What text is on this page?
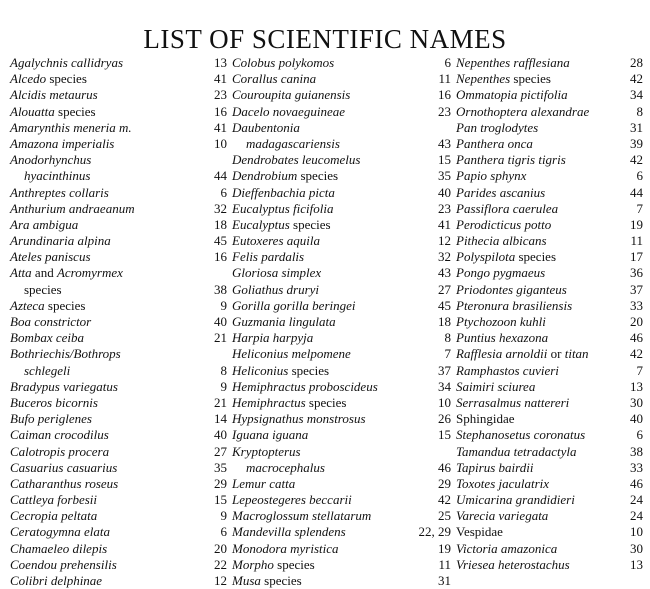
LIST OF SCIENTIFIC NAMES
Agalychnis callidryas	13
Alcedo species	41
Alcidis metaurus	23
Alouatta species	16
Amarynthis meneria m.	41
Amazona imperialis	10
Anodorhynchus
hyacinthinus	44
Anthreptes collaris	6
Anthurium andraeanum	32
Ara ambigua	18
Arundinaria alpina	45
Ateles paniscus	16
Atta and Acromyrmex
species	38
Azteca species	9
Boa constrictor	40
Bombax ceiba	21
Bothriechis/Bothrops
schlegeli	8
Bradypus variegatus	9
Buceros bicornis	21
Bufo periglenes	14
Caiman crocodilus	40
Calotropis procera	27
Casuarius casuarius	35
Catharanthus roseus	29
Cattleya forbesii	15
Cecropia peltata	9
Ceratogymna elata	6
Chamaeleo dilepis	20
Coendou prehensilis	22
Colibri delphinae	12
Colobus polykomos	6
Corallus canina	11
Couroupita guianensis	16
Dacelo novaeguineae	23
Daubentonia
madagascariensis	43
Dendrobates leucomelus	15
Dendrobium species	35
Dieffenbachia picta	40
Eucalyptus ficifolia	23
Eucalyptus species	41
Eutoxeres aquila	12
Felis pardalis	32
Gloriosa simplex	43
Goliathus druryi	27
Gorilla gorilla beringei	45
Guzmania lingulata	18
Harpia harpyja	8
Heliconius melpomene	7
Heliconius species	37
Hemiphractus proboscideus	34
Hemiphractus species	10
Hypsignathus monstrosus	26
Iguana iguana	15
Kryptopterus
macrocephalus	46
Lemur catta	29
Lepeostegeres beccarii	42
Macroglossum stellatarum	25
Mandevilla splendens	22, 29
Monodora myristica	19
Morpho species	11
Musa species	31
Nepenthes rafflesiana	28
Nepenthes species	42
Ommatopia pictifolia	34
Ornothoptera alexandrae	8
Pan troglodytes	31
Panthera onca	39
Panthera tigris tigris	42
Papio sphynx	6
Parides ascanius	44
Passiflora caerulea	7
Perodicticus potto	19
Pithecia albicans	11
Polyspilota species	17
Pongo pygmaeus	36
Priodontes giganteus	37
Pteronura brasiliensis	33
Ptychozoon kuhli	20
Puntius hexazona	46
Rafflesia arnoldii or titan	42
Ramphastos cuvieri	7
Saimiri sciurea	13
Serrasalmus nattereri	30
Sphingidae	40
Stephanosetus coronatus	6
Tamandua tetradactyla	38
Tapirus bairdii	33
Toxotes jaculatrix	46
Umicarina grandidieri	24
Varecia variegata	24
Vespidae	10
Victoria amazonica	30
Vriesea heterostachus	13
